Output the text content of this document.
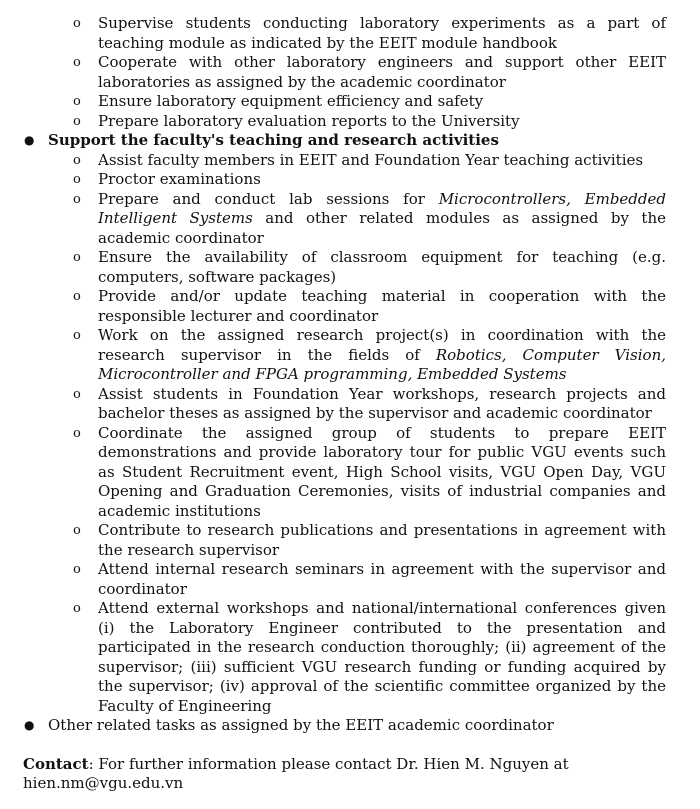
o Supervise students conducting laboratory experiments as a part of teaching module as indicated by the EEIT module handbook
o Cooperate with other laboratory engineers and support other EEIT laboratories as assigned by the academic coordinator
o Ensure laboratory equipment efficiency and safety
o Prepare laboratory evaluation reports to the University
● Support the faculty's teaching and research activities
o Assist faculty members in EEIT and Foundation Year teaching activities
o Proctor examinations
o Prepare and conduct lab sessions for Microcontrollers, Embedded Intelligent Systems and other related modules as assigned by the academic coordinator
o Ensure the availability of classroom equipment for teaching (e.g. computers, software packages)
o Provide and/or update teaching material in cooperation with the responsible lecturer and coordinator
o Work on the assigned research project(s) in coordination with the research supervisor in the fields of Robotics, Computer Vision, Microcontroller and FPGA programming, Embedded Systems
o Assist students in Foundation Year workshops, research projects and bachelor theses as assigned by the supervisor and academic coordinator
o Coordinate the assigned group of students to prepare EEIT demonstrations and provide laboratory tour for public VGU events such as Student Recruitment event, High School visits, VGU Open Day, VGU Opening and Graduation Ceremonies, visits of industrial companies and academic institutions
o Contribute to research publications and presentations in agreement with the research supervisor
o Attend internal research seminars in agreement with the supervisor and coordinator
o Attend external workshops and national/international conferences given (i) the Laboratory Engineer contributed to the presentation and participated in the research conduction thoroughly; (ii) agreement of the supervisor; (iii) sufficient VGU research funding or funding acquired by the supervisor; (iv) approval of the scientific committee organized by the Faculty of Engineering
● Other related tasks as assigned by the EEIT academic coordinator

Contact: For further information please contact Dr. Hien M. Nguyen at hien.nm@vgu.edu.vn
